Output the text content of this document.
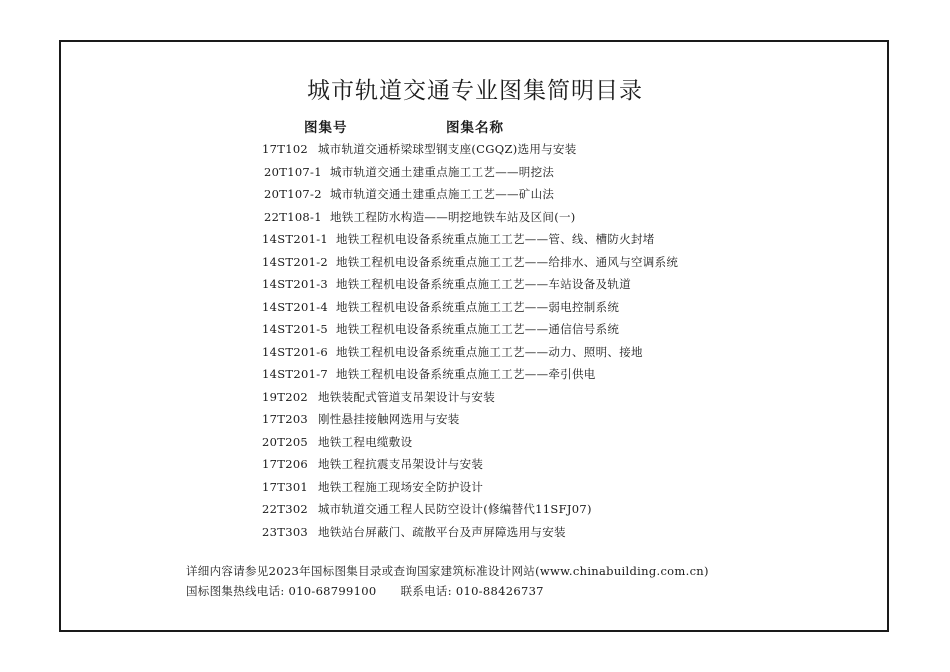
城市轨道交通专业图集简明目录
图集号	图集名称
17T102 城市轨道交通桥梁球型钢支座(CGQZ)选用与安装
20T107-1 城市轨道交通土建重点施工工艺——明挖法
20T107-2 城市轨道交通土建重点施工工艺——矿山法
22T108-1 地铁工程防水构造——明挖地铁车站及区间(一)
14ST201-1 地铁工程机电设备系统重点施工工艺——管、线、槽防火封堵
14ST201-2 地铁工程机电设备系统重点施工工艺——给排水、通风与空调系统
14ST201-3 地铁工程机电设备系统重点施工工艺——车站设备及轨道
14ST201-4 地铁工程机电设备系统重点施工工艺——弱电控制系统
14ST201-5 地铁工程机电设备系统重点施工工艺——通信信号系统
14ST201-6 地铁工程机电设备系统重点施工工艺——动力、照明、接地
14ST201-7 地铁工程机电设备系统重点施工工艺——牵引供电
19T202 地铁装配式管道支吊架设计与安装
17T203 刚性悬挂接触网选用与安装
20T205 地铁工程电缆敷设
17T206 地铁工程抗震支吊架设计与安装
17T301 地铁工程施工现场安全防护设计
22T302 城市轨道交通工程人民防空设计(修编替代11SFJ07)
23T303 地铁站台屏蔽门、疏散平台及声屏障选用与安装
详细内容请参见2023年国标图集目录或查询国家建筑标准设计网站(www.chinabuilding.com.cn)
国标图集热线电话: 010-68799100 联系电话: 010-88426737
